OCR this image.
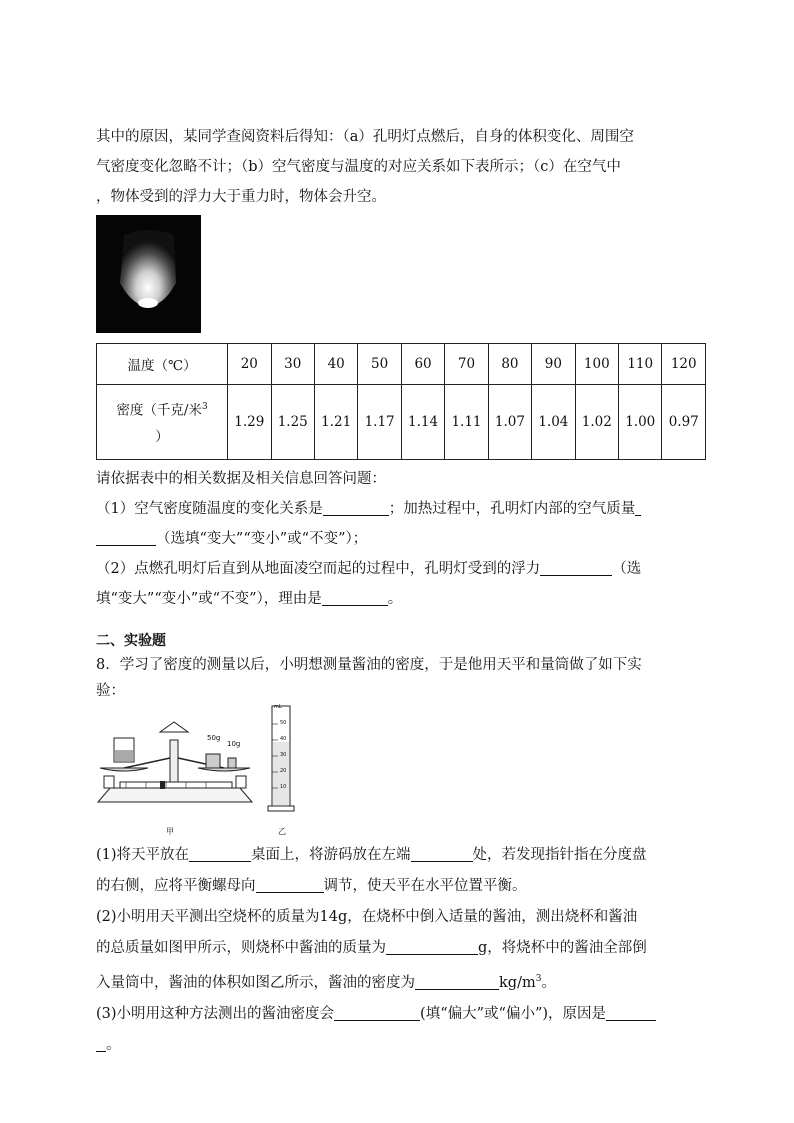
其中的原因，某同学查阅资料后得知：（a）孔明灯点燃后，自身的体积变化、周围空

气密度变化忽略不计；（b）空气密度与温度的对应关系如下表所示；（c）在空气中

，物体受到的浮力大于重力时，物体会升空。

温度（℃）	20	30	40	50	60	70	80	90	100	110	120
密度（千克/米$^3$
）	1.29	1.25	1.21	1.17	1.14	1.11	1.07	1.04	1.02	1.00	0.97

请依据表中的相关数据及相关信息回答问题：

（1）空气密度随温度的变化关系是	；加热过程中，孔明灯内部的空气质量

（选填“变大”“变小”或“不变”）；

（2）点燃孔明灯后直到从地面凌空而起的过程中，孔明灯受到的浮力	（选

填“变大”“变小”或“不变”），理由是	。

二、实验题

8．学习了密度的测量以后，小明想测量酱油的密度，于是他用天平和量筒做了如下实

验：

50g
10g
甲
mL
50
40
30
20
10
乙

(1)将天平放在	桌面上，将游码放在左端	处，若发现指针指在分度盘

的右侧，应将平衡螺母向	调节，使天平在水平位置平衡。

(2)小明用天平测出空烧杯的质量为14g，在烧杯中倒入适量的酱油，测出烧杯和酱油

的总质量如图甲所示，则烧杯中酱油的质量为	g，将烧杯中的酱油全部倒

入量筒中，酱油的体积如图乙所示，酱油的密度为	$kg/m^3$。

(3)小明用这种方法测出的酱油密度会	(填“偏大”或“偏小”)，原因是

。
